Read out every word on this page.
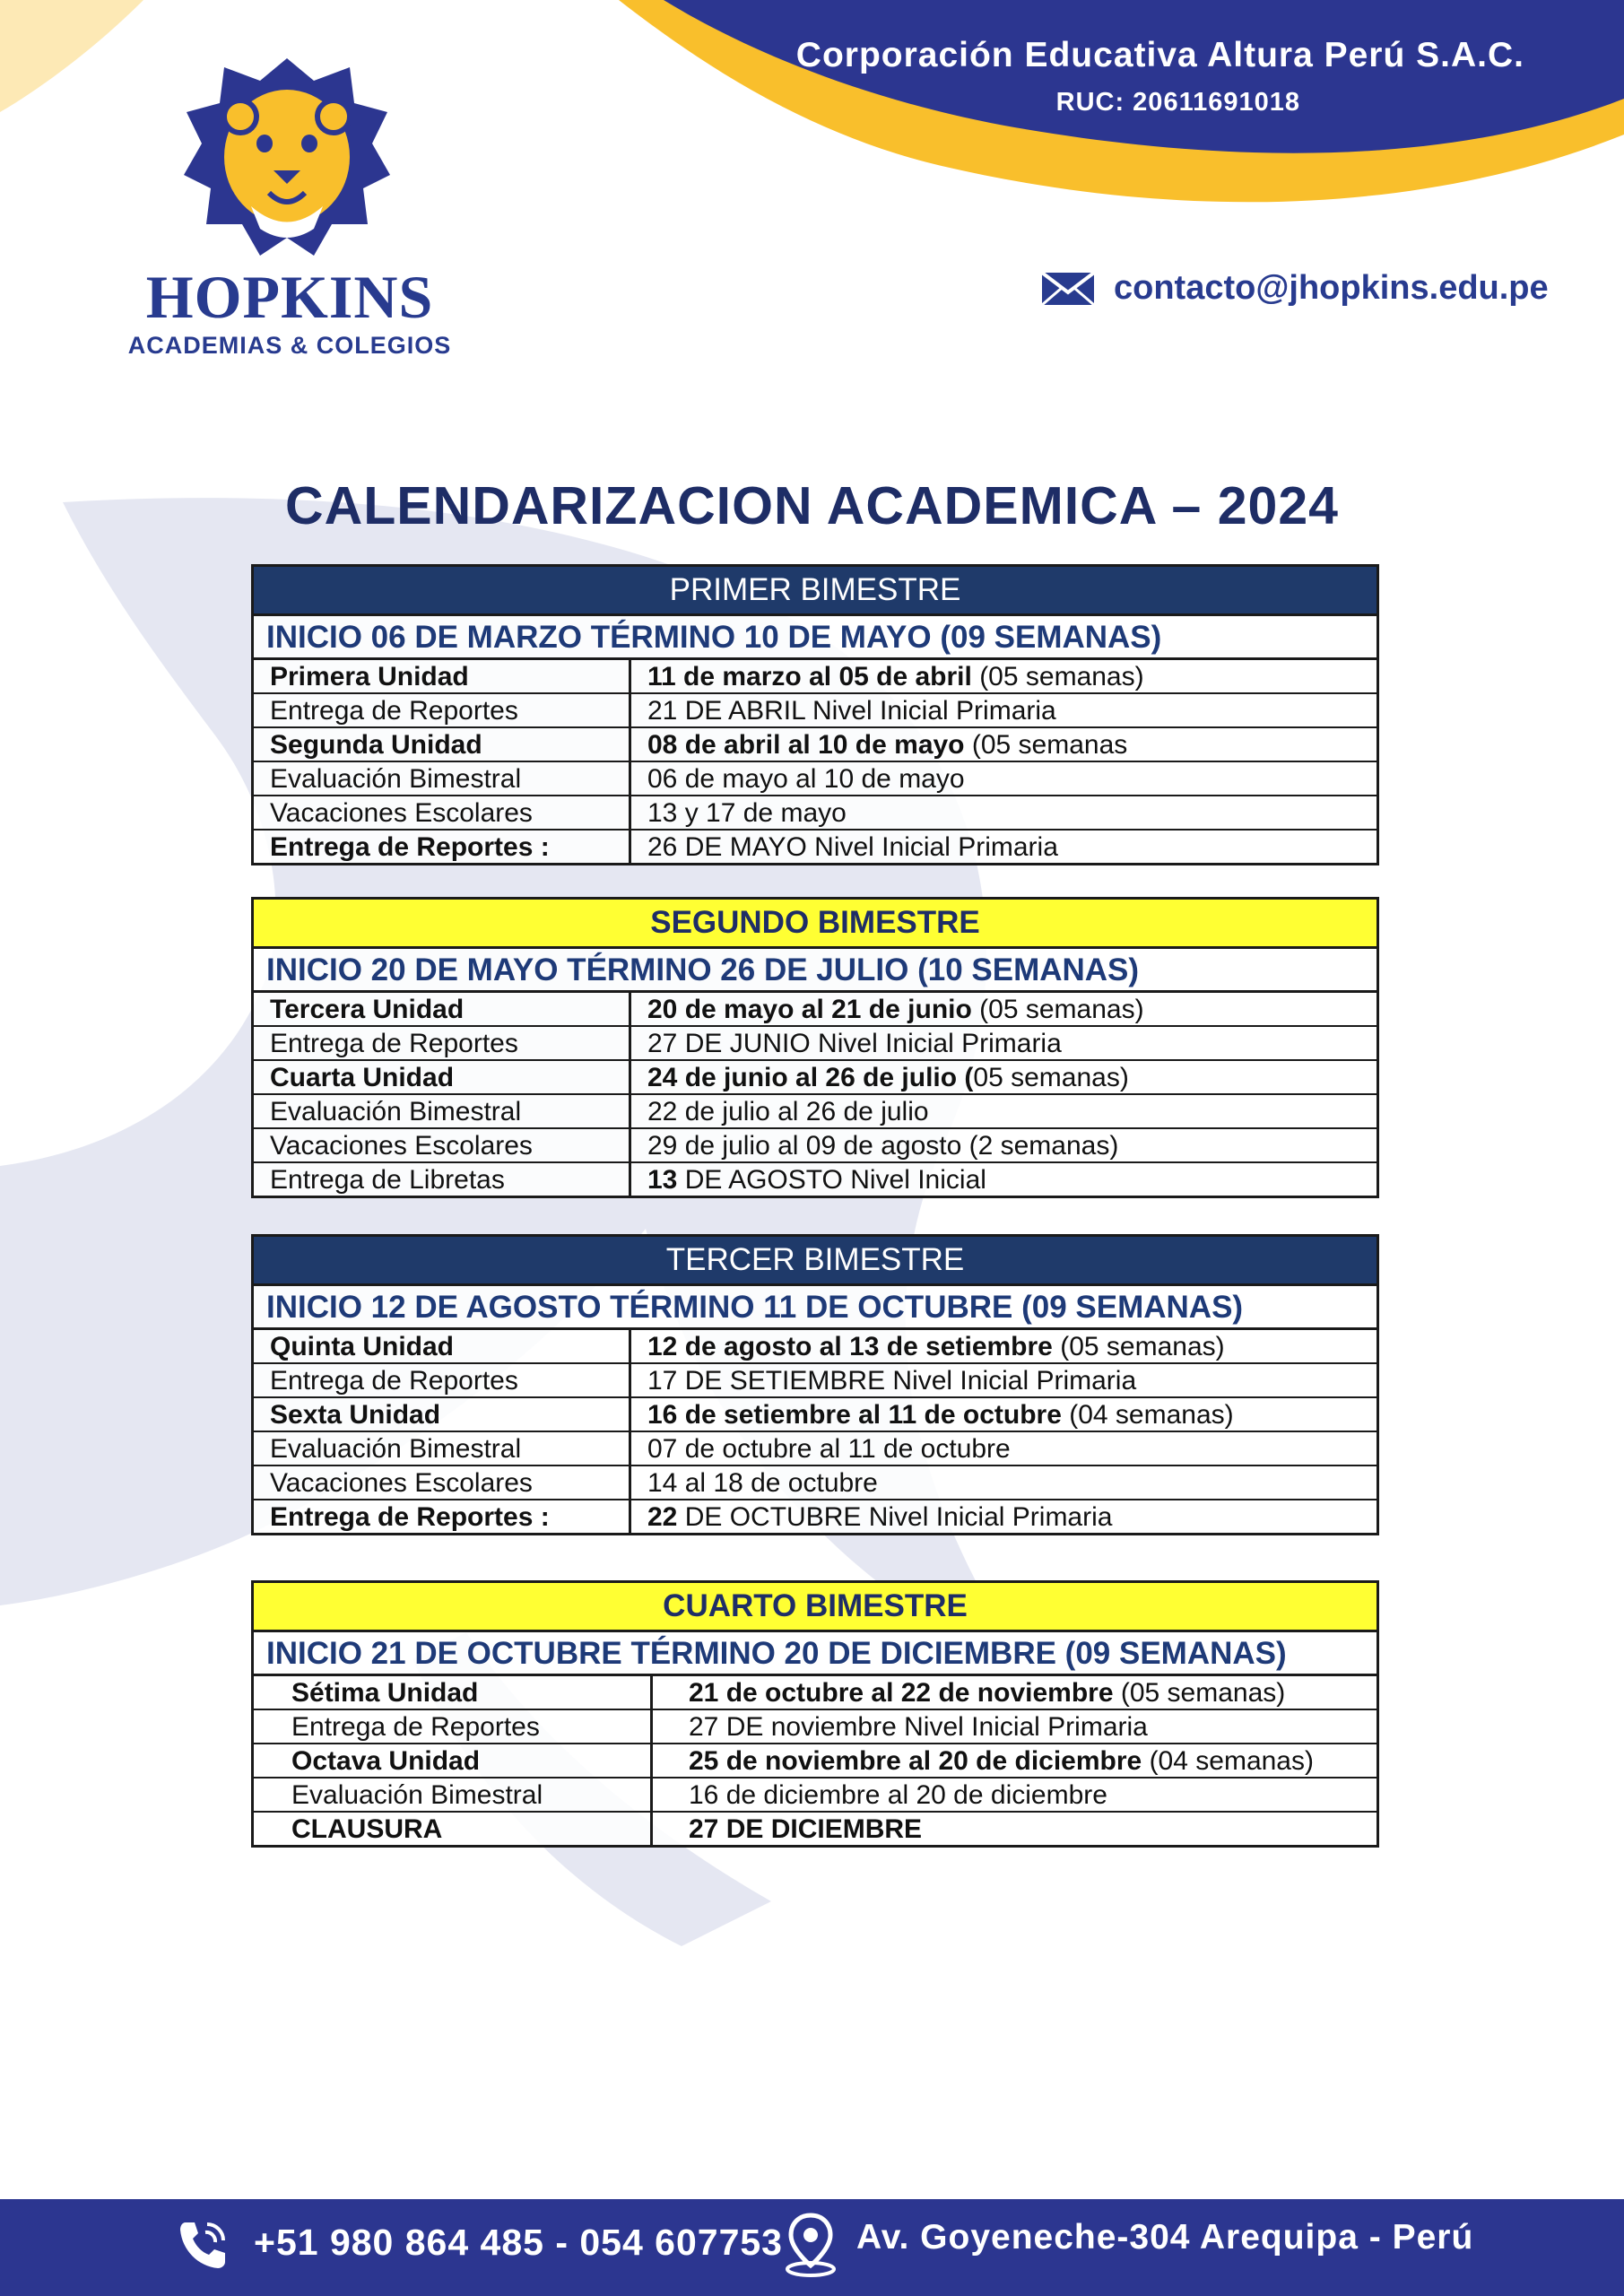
Corporación Educativa Altura Perú S.A.C.
RUC: 20611691018
HOPKINS
ACADEMIAS & COLEGIOS
contacto@jhopkins.edu.pe
CALENDARIZACION ACADEMICA – 2024
PRIMER BIMESTRE
INICIO 06 DE MARZO TÉRMINO 10 DE MAYO (09 SEMANAS)
Primera Unidad	11 de marzo al 05 de abril (05 semanas)
Entrega de Reportes	21 DE ABRIL Nivel Inicial Primaria
Segunda Unidad	08 de abril al 10 de mayo (05 semanas
Evaluación Bimestral	06 de mayo al 10 de mayo
Vacaciones Escolares	13 y 17 de mayo
Entrega de Reportes :	26 DE MAYO Nivel Inicial Primaria
SEGUNDO BIMESTRE
INICIO 20 DE MAYO TÉRMINO 26 DE JULIO (10 SEMANAS)
Tercera Unidad	20 de mayo al 21 de junio (05 semanas)
Entrega de Reportes	27 DE JUNIO Nivel Inicial Primaria
Cuarta Unidad	24 de junio al 26 de julio (05 semanas)
Evaluación Bimestral	22 de julio al 26 de julio
Vacaciones Escolares	29 de julio al 09 de agosto (2 semanas)
Entrega de Libretas	13 DE AGOSTO Nivel Inicial
TERCER BIMESTRE
INICIO 12 DE AGOSTO TÉRMINO 11 DE OCTUBRE (09 SEMANAS)
Quinta Unidad	12 de agosto al 13 de setiembre (05 semanas)
Entrega de Reportes	17 DE SETIEMBRE Nivel Inicial Primaria
Sexta Unidad	16 de setiembre al 11 de octubre (04 semanas)
Evaluación Bimestral	07 de octubre al 11 de octubre
Vacaciones Escolares	14 al 18 de octubre
Entrega de Reportes :	22 DE OCTUBRE Nivel Inicial Primaria
CUARTO BIMESTRE
INICIO 21 DE OCTUBRE TÉRMINO 20 DE DICIEMBRE (09 SEMANAS)
Sétima Unidad	21 de octubre al 22 de noviembre (05 semanas)
Entrega de Reportes	27 DE noviembre Nivel Inicial Primaria
Octava Unidad	25 de noviembre al 20 de diciembre (04 semanas)
Evaluación Bimestral	16 de diciembre al 20 de diciembre
CLAUSURA	27 DE DICIEMBRE
+51 980 864 485 - 054 607753 Av. Goyeneche-304 Arequipa - Perú
